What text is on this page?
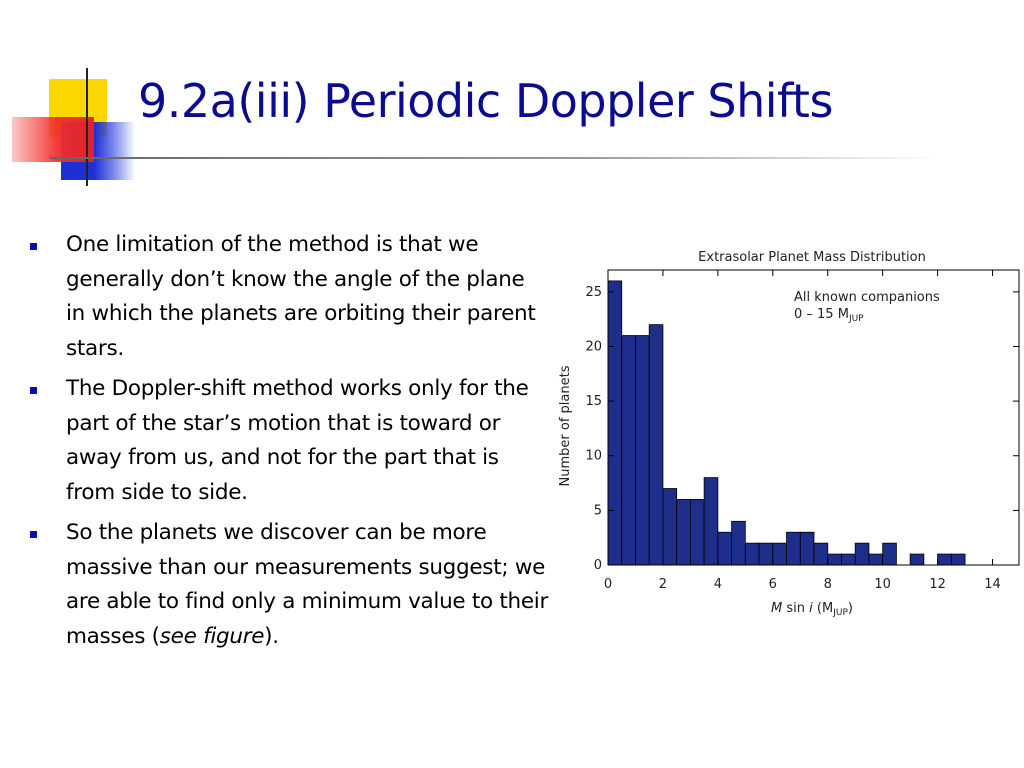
9.2a(iii) Periodic Doppler Shifts
One limitation of the method is that we generally don’t know the angle of the plane in which the planets are orbiting their parent stars.
The Doppler-shift method works only for the part of the star’s motion that is toward or away from us, and not for the part that is from side to side.
So the planets we discover can be more massive than our measurements suggest; we are able to find only a minimum value to their masses (see figure).
Extrasolar Planet Mass Distribution
All known companions
0 – 15 $M_{JUP}$
Number of planets
M sin i $(M_{JUP})$
0	2	4	6	8	10	12	14
0
5
10
15
20
25
